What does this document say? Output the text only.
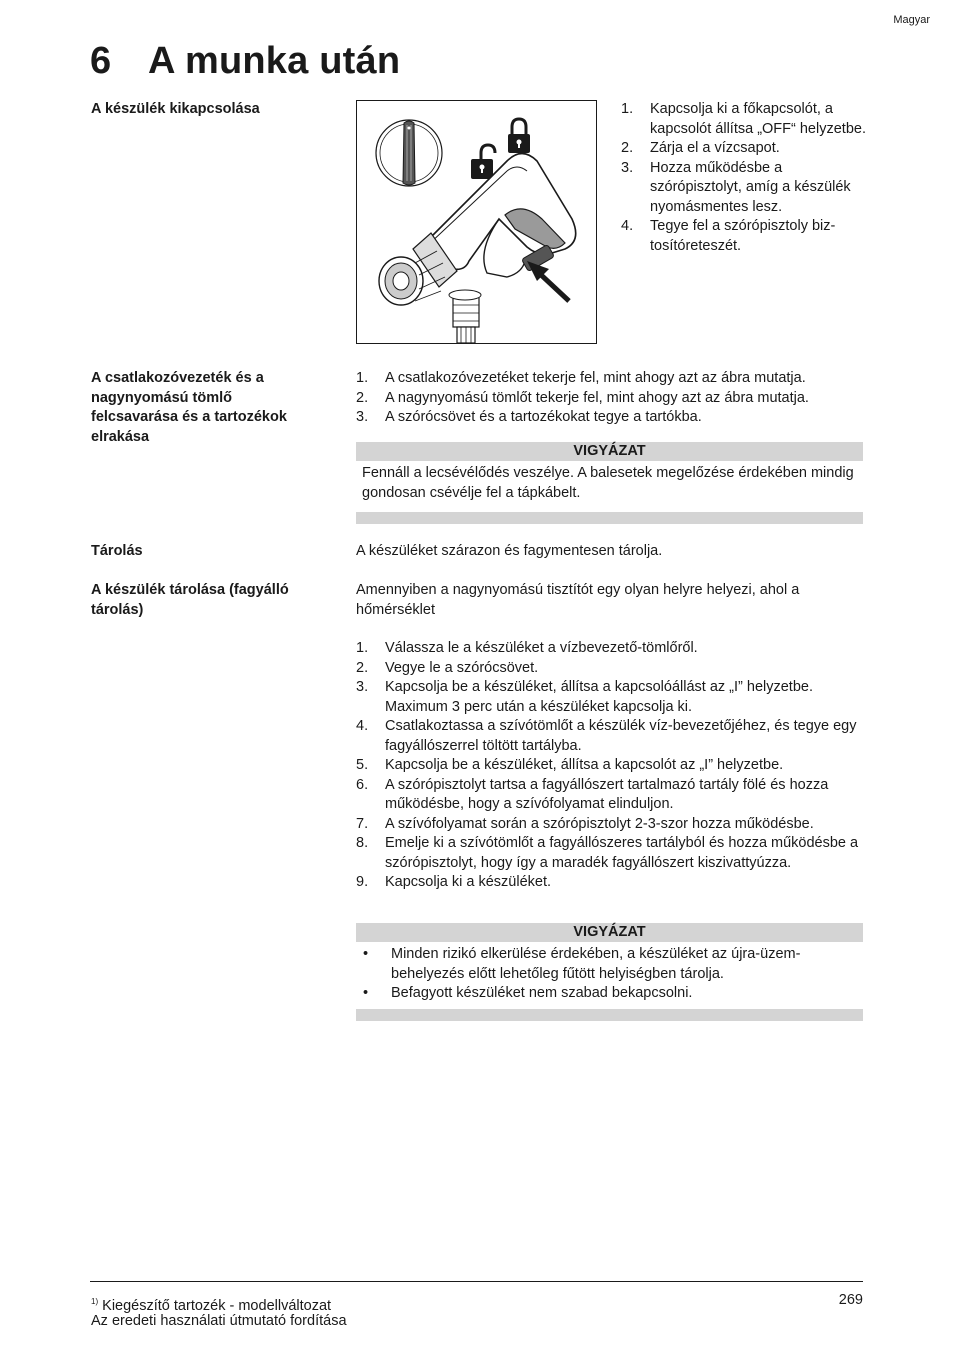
Magyar
6 A munka után
A készülék kikapcsolása	1. Kapcsolja ki a főkapcsolót, a kapcsolót állítsa „OFF“ helyzetbe.
2. Zárja el a vízcsapot.
3. Hozza működésbe a szórópisztolyt, amíg a készülék nyomásmentes lesz.
4. Tegye fel a szórópisztoly biz-tosítóreteszét.
A csatlakozóvezeték és a nagynyomású tömlő felcsavarása és a tartozékok elrakása
1. A csatlakozóvezetéket tekerje fel, mint ahogy azt az ábra mutatja.
2. A nagynyomású tömlőt tekerje fel, mint ahogy azt az ábra mutatja.
3. A szórócsövet és a tartozékokat tegye a tartókba.
VIGYÁZAT
Fennáll a lecsévélődés veszélye. A balesetek megelőzése érdekében mindig gondosan csévélje fel a tápkábelt.
Tárolás	A készüléket szárazon és fagymentesen tárolja.
A készülék tárolása (fagyálló tárolás)
Amennyiben a nagynyomású tisztítót egy olyan helyre helyezi, ahol a hőmérséklet
1. Válassza le a készüléket a vízbevezető-tömlőről.
2. Vegye le a szórócsövet.
3. Kapcsolja be a készüléket, állítsa a kapcsolóállást az „I” helyzetbe. Maximum 3 perc után a készüléket kapcsolja ki.
4. Csatlakoztassa a szívótömlőt a készülék víz-bevezetőjéhez, és tegye egy fagyállószerrel töltött tartályba.
5. Kapcsolja be a készüléket, állítsa a kapcsolót az „I” helyzetbe.
6. A szórópisztolyt tartsa a fagyállószert tartalmazó tartály fölé és hozza működésbe, hogy a szívófolyamat elinduljon.
7. A szívófolyamat során a szórópisztolyt 2-3-szor hozza működésbe.
8. Emelje ki a szívótömlőt a fagyállószeres tartályból és hozza működésbe a szórópisztolyt, hogy így a maradék fagyállószert kiszivattyúzza.
9. Kapcsolja ki a készüléket.
VIGYÁZAT
• Minden rizikó elkerülése érdekében, a készüléket az újra-üzem-behelyezés előtt lehetőleg fűtött helyiségben tárolja.
• Befagyott készüléket nem szabad bekapcsolni.
$^{1)}$ Kiegészítő tartozék - modellváltozat
Az eredeti használati útmutató fordítása
269
